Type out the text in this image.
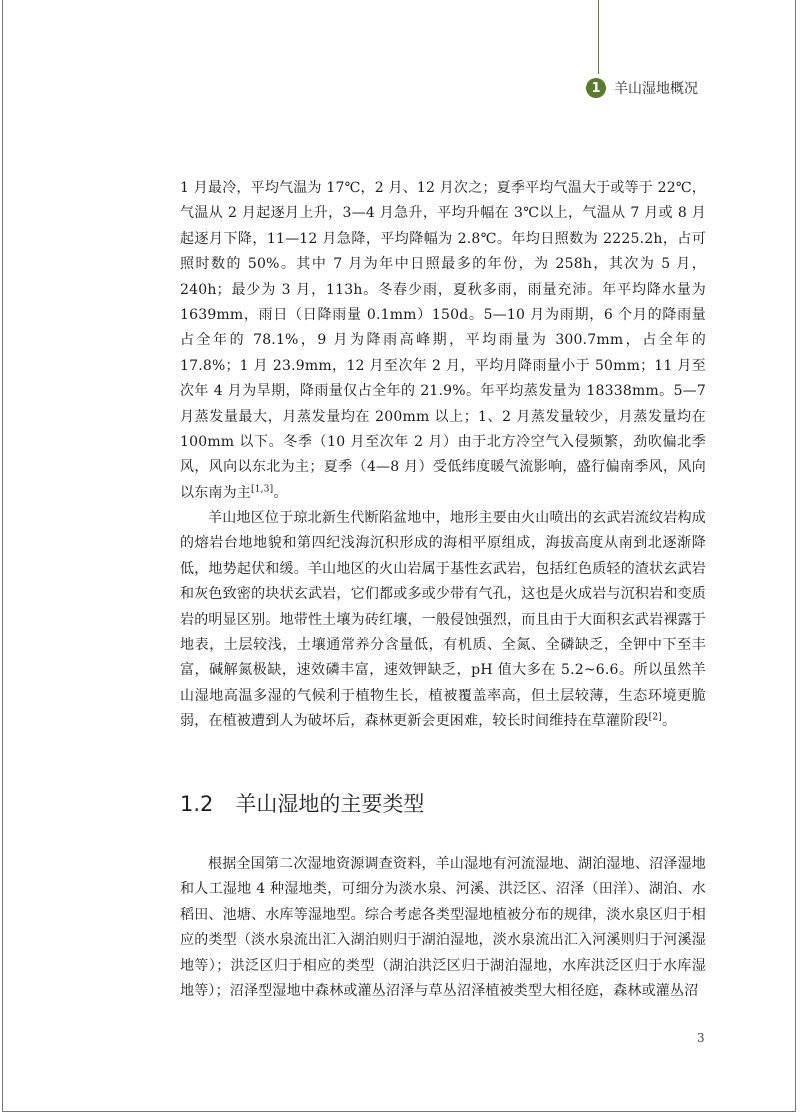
1 羊山湿地概况

1 月最冷，平均气温为 17℃，2 月、12 月次之；夏季平均气温大于或等于 22℃，气温从 2 月起逐月上升，3—4 月急升，平均升幅在 3℃以上，气温从 7 月或 8 月起逐月下降，11—12 月急降，平均降幅为 2.8℃。年均日照数为 2225.2h，占可照时数的 50%。其中 7 月为年中日照最多的年份，为 258h，其次为 5 月，240h；最少为 3 月，113h。冬春少雨，夏秋多雨，雨量充沛。年平均降水量为 1639mm，雨日（日降雨量 0.1mm）150d。5—10 月为雨期，6 个月的降雨量占全年的 78.1%，9 月为降雨高峰期，平均雨量为 300.7mm，占全年的 17.8%；1 月 23.9mm，12 月至次年 2 月，平均月降雨量小于 50mm；11 月至次年 4 月为旱期，降雨量仅占全年的 21.9%。年平均蒸发量为 18338mm。5—7 月蒸发量最大，月蒸发量均在 200mm 以上；1、2 月蒸发量较少，月蒸发量均在 100mm 以下。冬季（10 月至次年 2 月）由于北方冷空气入侵频繁，劲吹偏北季风，风向以东北为主；夏季（4—8 月）受低纬度暖气流影响，盛行偏南季风，风向以东南为主[1,3]。

羊山地区位于琼北新生代断陷盆地中，地形主要由火山喷出的玄武岩流纹岩构成的熔岩台地地貌和第四纪浅海沉积形成的海相平原组成，海拔高度从南到北逐渐降低，地势起伏和缓。羊山地区的火山岩属于基性玄武岩，包括红色质轻的渣状玄武岩和灰色致密的块状玄武岩，它们都或多或少带有气孔，这也是火成岩与沉积岩和变质岩的明显区别。地带性土壤为砖红壤，一般侵蚀强烈，而且由于大面积玄武岩裸露于地表，土层较浅，土壤通常养分含量低，有机质、全氮、全磷缺乏，全钾中下至丰富，碱解氮极缺，速效磷丰富，速效钾缺乏，pH 值大多在 5.2~6.6。所以虽然羊山湿地高温多湿的气候利于植物生长，植被覆盖率高，但土层较薄，生态环境更脆弱，在植被遭到人为破坏后，森林更新会更困难，较长时间维持在草灌阶段[2]。

1.2 羊山湿地的主要类型

根据全国第二次湿地资源调查资料，羊山湿地有河流湿地、湖泊湿地、沼泽湿地和人工湿地 4 种湿地类，可细分为淡水泉、河溪、洪泛区、沼泽（田洋）、湖泊、水稻田、池塘、水库等湿地型。综合考虑各类型湿地植被分布的规律，淡水泉区归于相应的类型（淡水泉流出汇入湖泊则归于湖泊湿地，淡水泉流出汇入河溪则归于河溪湿地等）；洪泛区归于相应的类型（湖泊洪泛区归于湖泊湿地，水库洪泛区归于水库湿地等）；沼泽型湿地中森林或灌丛沼泽与草丛沼泽植被类型大相径庭，森林或灌丛沼

3
